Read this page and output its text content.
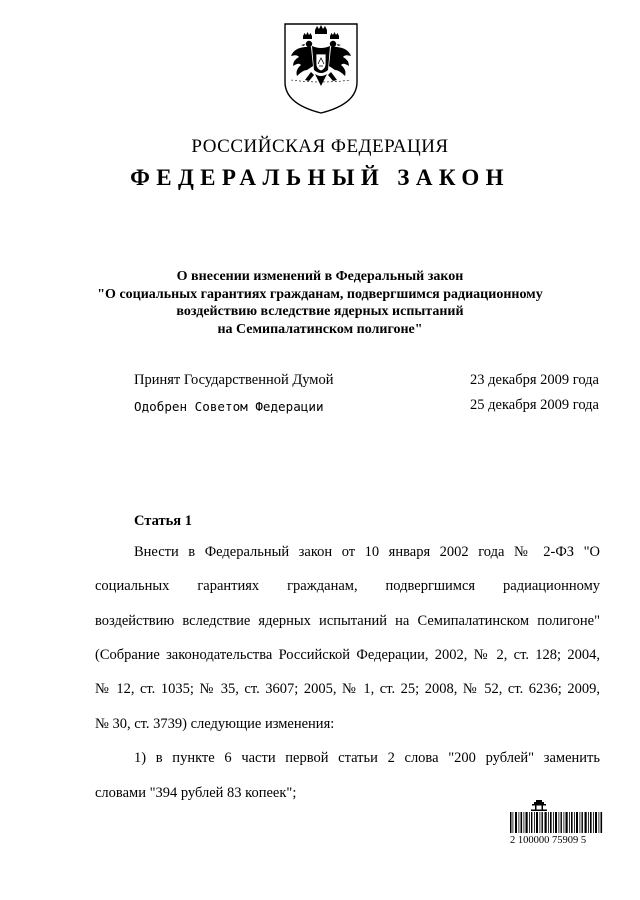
РОССИЙСКАЯ ФЕДЕРАЦИЯ
ФЕДЕРАЛЬНЫЙ ЗАКОН
О внесении изменений в Федеральный закон
"О социальных гарантиях гражданам, подвергшимся радиационному
воздействию вследствие ядерных испытаний
на Семипалатинском полигоне"
Принят Государственной Думой	23 декабря 2009 года
Одобрен Советом Федерации	25 декабря 2009 года
Статья 1
Внести в Федеральный закон от 10 января 2002 года № 2-ФЗ "О
социальных гарантиях гражданам, подвергшимся радиационному
воздействию вследствие ядерных испытаний на Семипалатинском полигоне"
(Собрание законодательства Российской Федерации, 2002, № 2, ст. 128; 2004,
№ 12, ст. 1035; № 35, ст. 3607; 2005, № 1, ст. 25; 2008, № 52, ст. 6236; 2009,
№ 30, ст. 3739) следующие изменения:
1) в пункте 6 части первой статьи 2 слова "200 рублей" заменить
словами "394 рублей 83 копеек";
2 100000 75909 5
